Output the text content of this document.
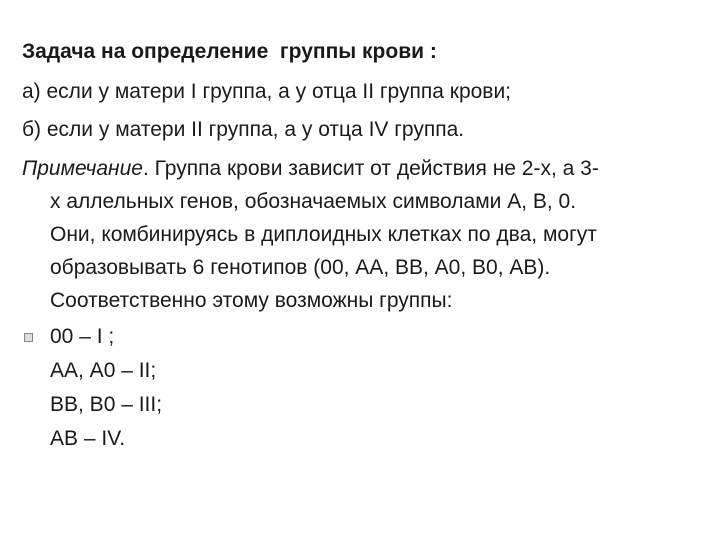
Задача на определение  группы крови :
а) если у матери I группа, а у отца II группа крови;
б) если у матери II группа, а у отца IV группа.
Примечание. Группа крови зависит от действия не 2-х, а 3-
х аллельных генов, обозначаемых символами А, В, 0.
Они, комбинируясь в диплоидных клетках по два, могут
образовывать 6 генотипов (00, АА, ВВ, А0, В0, АВ).
Соответственно этому возможны группы:
00 – I ;
АА, А0 – II;
ВВ, В0 – III;
АВ – IV.
